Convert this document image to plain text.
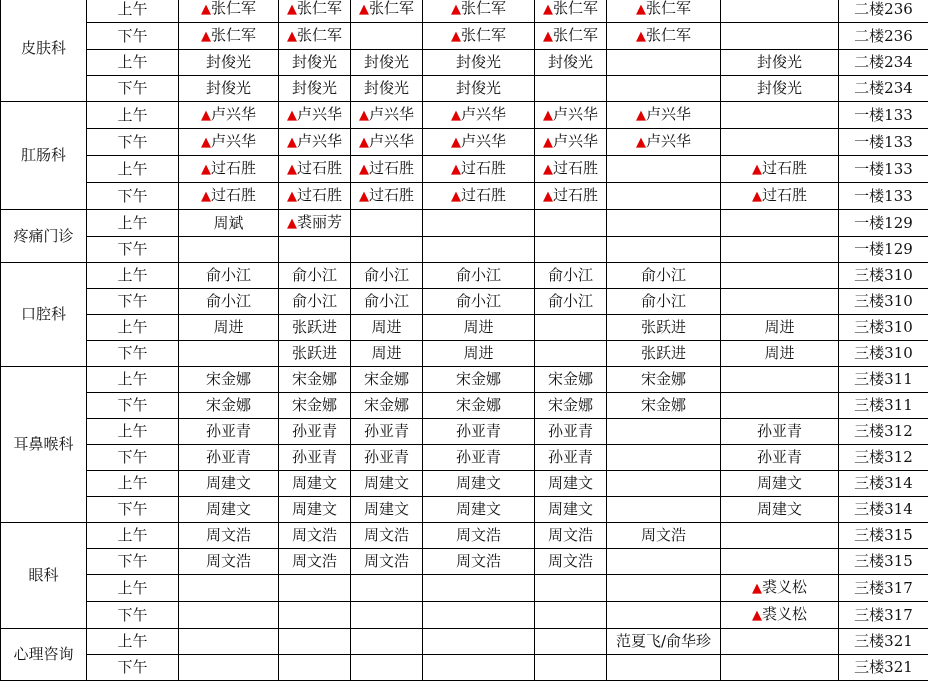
皮肤科	上午	▲张仁军	▲张仁军	▲张仁军	▲张仁军	▲张仁军	▲张仁军		二楼236
	下午	▲张仁军	▲张仁军		▲张仁军	▲张仁军	▲张仁军		二楼236
	上午	封俊光	封俊光	封俊光	封俊光	封俊光		封俊光	二楼234
	下午	封俊光	封俊光	封俊光	封俊光			封俊光	二楼234
肛肠科	上午	▲卢兴华	▲卢兴华	▲卢兴华	▲卢兴华	▲卢兴华	▲卢兴华		一楼133
	下午	▲卢兴华	▲卢兴华	▲卢兴华	▲卢兴华	▲卢兴华	▲卢兴华		一楼133
	上午	▲过石胜	▲过石胜	▲过石胜	▲过石胜	▲过石胜		▲过石胜	一楼133
	下午	▲过石胜	▲过石胜	▲过石胜	▲过石胜	▲过石胜		▲过石胜	一楼133
疼痛门诊	上午	周斌	▲裘丽芳						一楼129
	下午								一楼129
口腔科	上午	俞小江	俞小江	俞小江	俞小江	俞小江	俞小江		三楼310
	下午	俞小江	俞小江	俞小江	俞小江	俞小江	俞小江		三楼310
	上午	周进	张跃进	周进	周进		张跃进	周进	三楼310
	下午		张跃进	周进	周进		张跃进	周进	三楼310
耳鼻喉科	上午	宋金娜	宋金娜	宋金娜	宋金娜	宋金娜	宋金娜		三楼311
	下午	宋金娜	宋金娜	宋金娜	宋金娜	宋金娜	宋金娜		三楼311
	上午	孙亚青	孙亚青	孙亚青	孙亚青	孙亚青		孙亚青	三楼312
	下午	孙亚青	孙亚青	孙亚青	孙亚青	孙亚青		孙亚青	三楼312
	上午	周建文	周建文	周建文	周建文	周建文		周建文	三楼314
	下午	周建文	周建文	周建文	周建文	周建文		周建文	三楼314
眼科	上午	周文浩	周文浩	周文浩	周文浩	周文浩	周文浩		三楼315
	下午	周文浩	周文浩	周文浩	周文浩	周文浩			三楼315
	上午							▲裘义松	三楼317
	下午							▲裘义松	三楼317
心理咨询	上午						范夏飞/俞华珍		三楼321
	下午								三楼321
